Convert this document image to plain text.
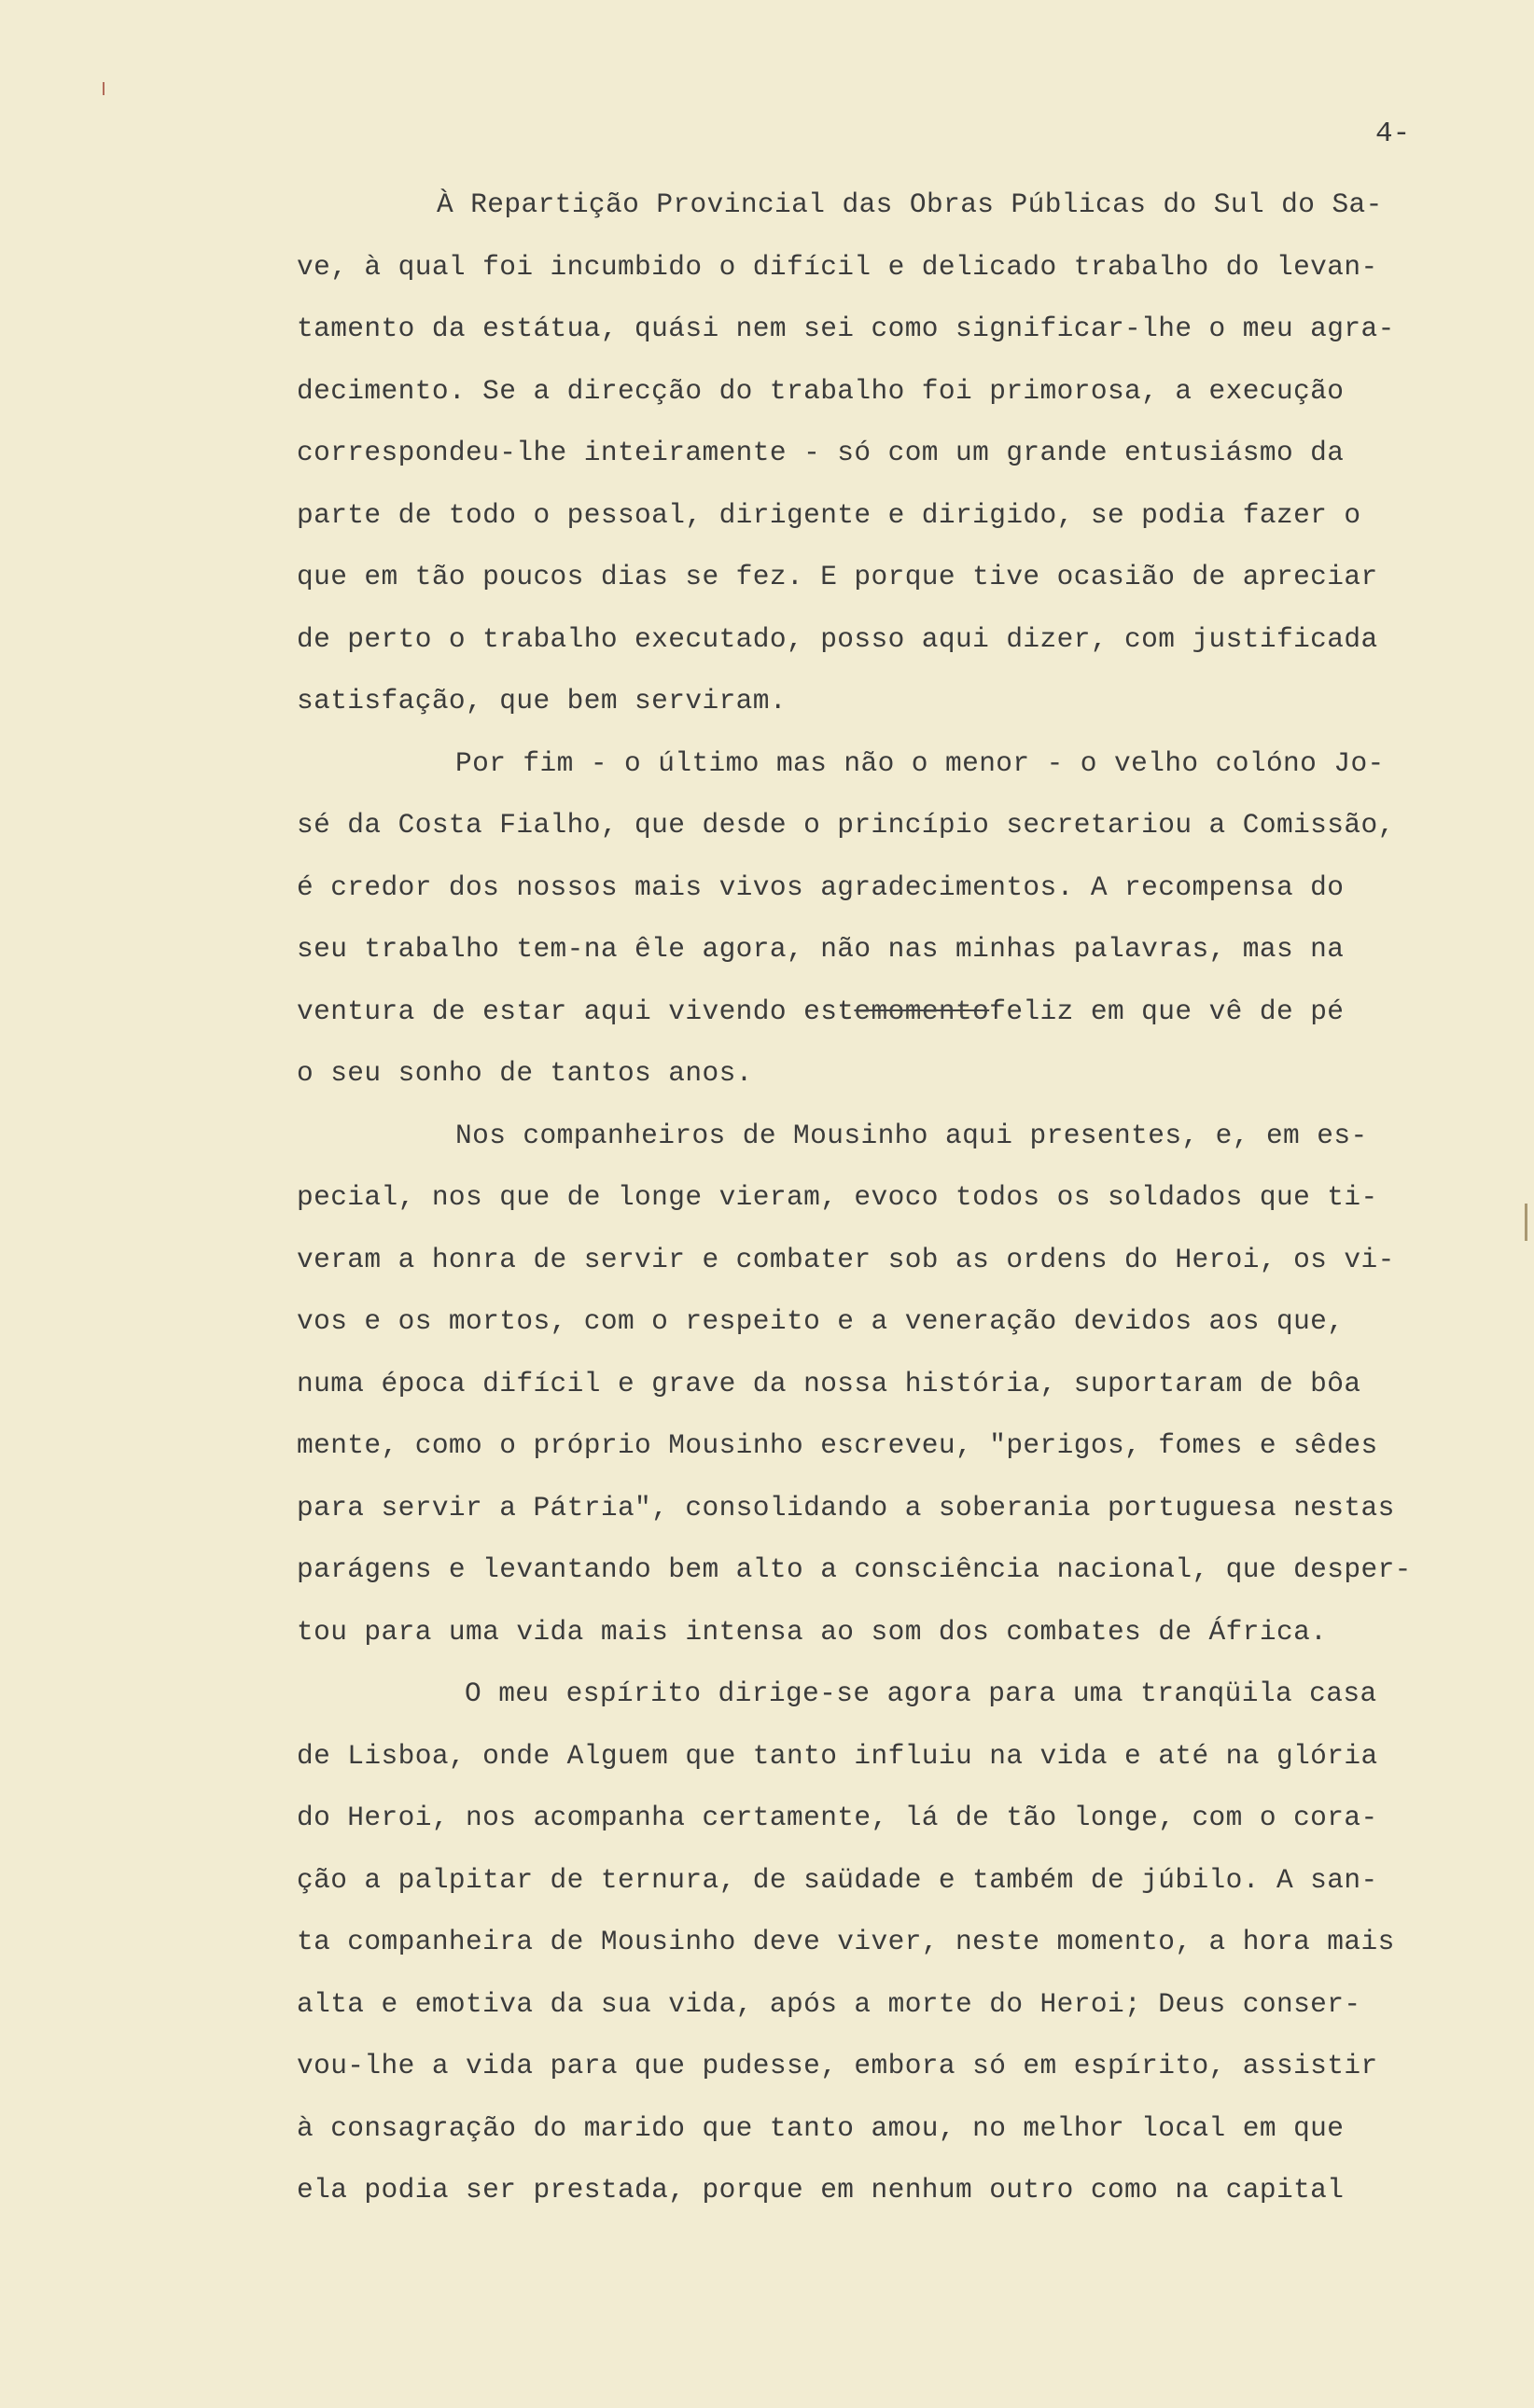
4-
À Repartição Provincial das Obras Públicas do Sul do Sa-
ve, à qual foi incumbido o difícil e delicado trabalho do levan-
tamento da estátua, quási nem sei como significar-lhe o meu agra-
decimento. Se a direcção do trabalho foi primorosa, a execução
correspondeu-lhe inteiramente - só com um grande entusiásmo da
parte de todo o pessoal, dirigente e dirigido, se podia fazer o
que em tão poucos dias se fez. E porque tive ocasião de apreciar
de perto o trabalho executado, posso aqui dizer, com justificada
satisfação, que bem serviram.
Por fim - o último mas não o menor - o velho colóno Jo-
sé da Costa Fialho, que desde o princípio secretariou a Comissão,
é credor dos nossos mais vivos agradecimentos. A recompensa do
seu trabalho tem-na êle agora, não nas minhas palavras, mas na
ventura de estar aqui vivendo estemomentofeliz em que vê de pé
o seu sonho de tantos anos.
Nos companheiros de Mousinho aqui presentes, e, em es-
pecial, nos que de longe vieram, evoco todos os soldados que ti-
veram a honra de servir e combater sob as ordens do Heroi, os vi-
vos e os mortos, com o respeito e a veneração devidos aos que,
numa época difícil e grave da nossa história, suportaram de bôa
mente, como o próprio Mousinho escreveu, "perigos, fomes e sêdes
para servir a Pátria", consolidando a soberania portuguesa nestas
parágens e levantando bem alto a consciência nacional, que desper-
tou para uma vida mais intensa ao som dos combates de África.
O meu espírito dirige-se agora para uma tranqüila casa
de Lisboa, onde Alguem que tanto influiu na vida e até na glória
do Heroi, nos acompanha certamente, lá de tão longe, com o cora-
ção a palpitar de ternura, de saüdade e também de júbilo. A san-
ta companheira de Mousinho deve viver, neste momento, a hora mais
alta e emotiva da sua vida, após a morte do Heroi; Deus conser-
vou-lhe a vida para que pudesse, embora só em espírito, assistir
à consagração do marido que tanto amou, no melhor local em que
ela podia ser prestada, porque em nenhum outro como na capital
